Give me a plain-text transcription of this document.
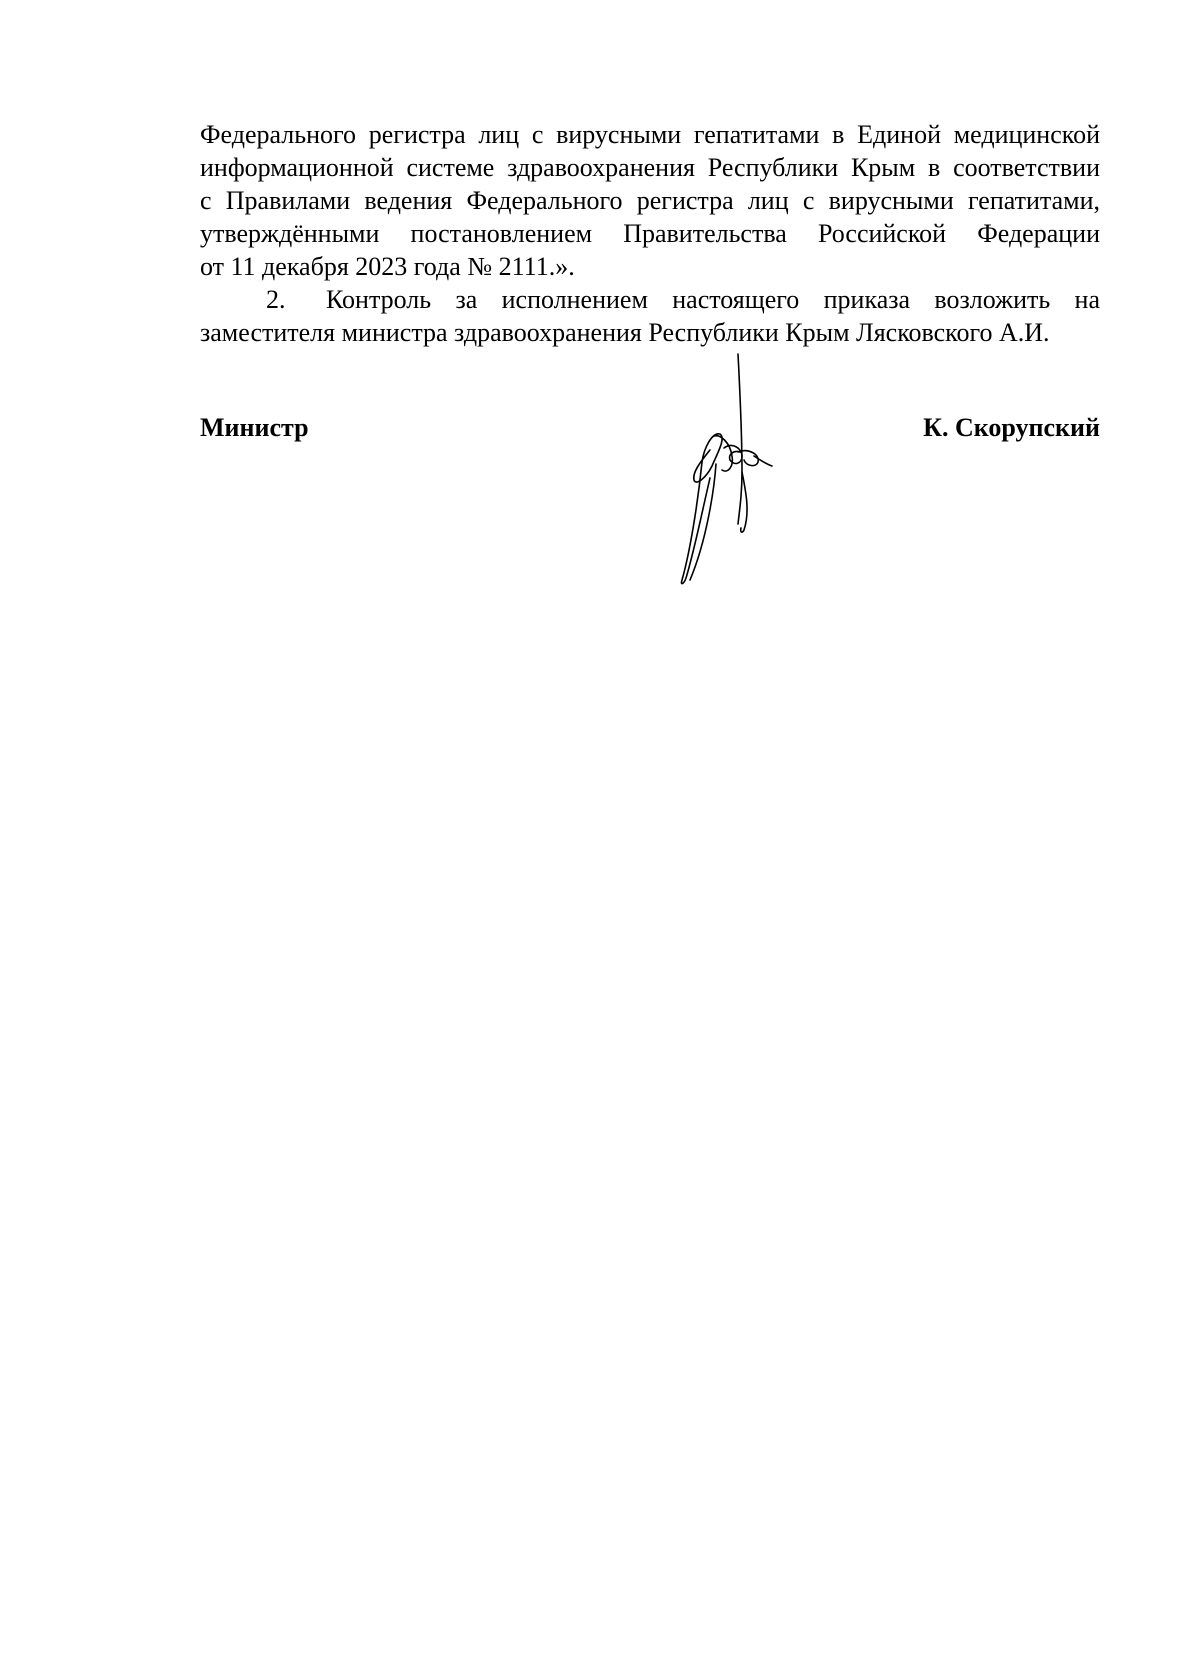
Федерального регистра лиц с вирусными гепатитами в Единой медицинской
информационной системе здравоохранения Республики Крым в соответствии
с Правилами ведения Федерального регистра лиц с вирусными гепатитами,
утверждёнными постановлением Правительства Российской Федерации
от 11 декабря 2023 года № 2111.».

2. Контроль за исполнением настоящего приказа возложить на заместителя министра здравоохранения Республики Крым Лясковского А.И.

Министр	К. Скорупский
